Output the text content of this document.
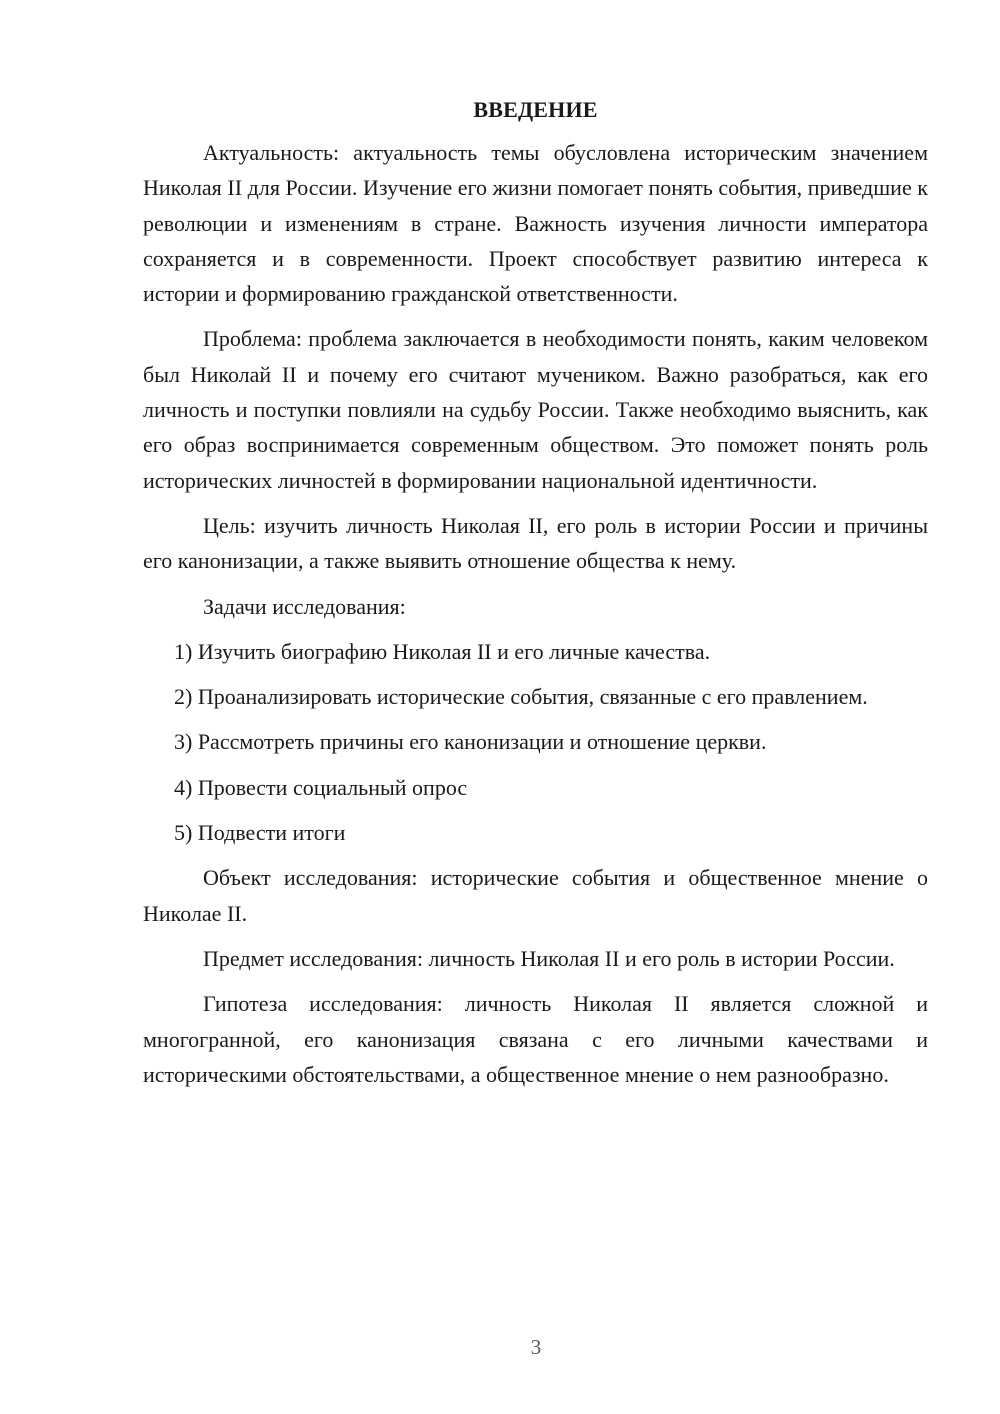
ВВЕДЕНИЕ

Актуальность: актуальность темы обусловлена историческим значением Николая II для России. Изучение его жизни помогает понять события, приведшие к революции и изменениям в стране. Важность изучения личности императора сохраняется и в современности. Проект способствует развитию интереса к истории и формированию гражданской ответственности.

Проблема: проблема заключается в необходимости понять, каким человеком был Николай II и почему его считают мучеником. Важно разобраться, как его личность и поступки повлияли на судьбу России. Также необходимо выяснить, как его образ воспринимается современным обществом. Это поможет понять роль исторических личностей в формировании национальной идентичности.

Цель: изучить личность Николая II, его роль в истории России и причины его канонизации, а также выявить отношение общества к нему.

Задачи исследования:

1) Изучить биографию Николая II и его личные качества.

2) Проанализировать исторические события, связанные с его правлением.

3) Рассмотреть причины его канонизации и отношение церкви.

4) Провести социальный опрос

5) Подвести итоги

Объект исследования: исторические события и общественное мнение о Николае II.

Предмет исследования: личность Николая II и его роль в истории России.

Гипотеза исследования: личность Николая II является сложной и многогранной, его канонизация связана с его личными качествами и историческими обстоятельствами, а общественное мнение о нем разнообразно.

3
